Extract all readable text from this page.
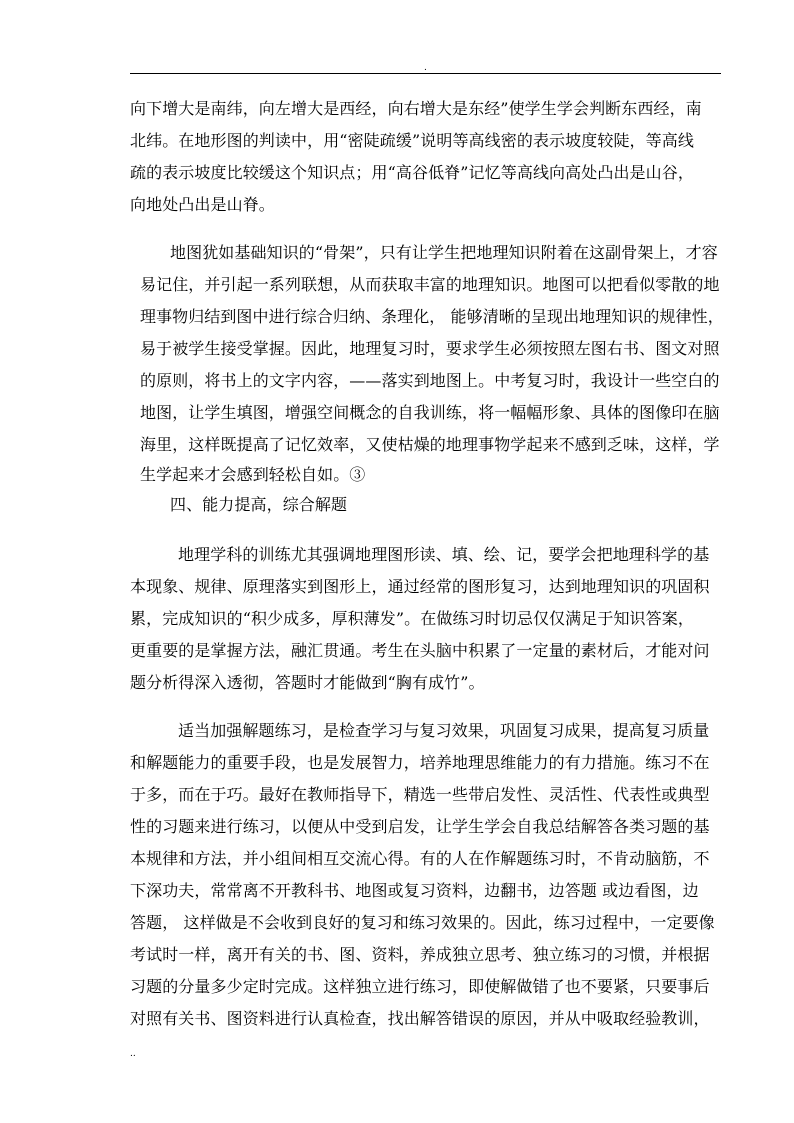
.
向下增大是南纬，向左增大是西经，向右增大是东经”使学生学会判断东西经，南
北纬。在地形图的判读中，用“密陡疏缓”说明等高线密的表示坡度较陡，等高线
疏的表示坡度比较缓这个知识点；用“高谷低脊”记忆等高线向高处凸出是山谷，
向地处凸出是山脊。
地图犹如基础知识的“骨架”，只有让学生把地理知识附着在这副骨架上，才容
易记住，并引起一系列联想，从而获取丰富的地理知识。地图可以把看似零散的地
理事物归结到图中进行综合归纳、条理化， 能够清晰的呈现出地理知识的规律性，
易于被学生接受掌握。因此，地理复习时，要求学生必须按照左图右书、图文对照
的原则，将书上的文字内容，——落实到地图上。中考复习时，我设计一些空白的
地图，让学生填图，增强空间概念的自我训练，将一幅幅形象、具体的图像印在脑
海里，这样既提高了记忆效率，又使枯燥的地理事物学起来不感到乏味，这样，学
生学起来才会感到轻松自如。③
四、能力提高，综合解题
地理学科的训练尤其强调地理图形读、填、绘、记，要学会把地理科学的基
本现象、规律、原理落实到图形上，通过经常的图形复习，达到地理知识的巩固积
累，完成知识的“积少成多，厚积薄发”。在做练习时切忌仅仅满足于知识答案，
更重要的是掌握方法，融汇贯通。考生在头脑中积累了一定量的素材后，才能对问
题分析得深入透彻，答题时才能做到“胸有成竹”。
适当加强解题练习，是检查学习与复习效果，巩固复习成果，提高复习质量
和解题能力的重要手段，也是发展智力，培养地理思维能力的有力措施。练习不在
于多，而在于巧。最好在教师指导下，精选一些带启发性、灵活性、代表性或典型
性的习题来进行练习，以便从中受到启发，让学生学会自我总结解答各类习题的基
本规律和方法，并小组间相互交流心得。有的人在作解题练习时，不肯动脑筋，不
下深功夫，常常离不开教科书、地图或复习资料，边翻书，边答题 或边看图，边
答题， 这样做是不会收到良好的复习和练习效果的。因此，练习过程中，一定要像
考试时一样，离开有关的书、图、资料，养成独立思考、独立练习的习惯，并根据
习题的分量多少定时完成。这样独立进行练习，即使解做错了也不要紧，只要事后
对照有关书、图资料进行认真检查，找出解答错误的原因，并从中吸取经验教训，
..
